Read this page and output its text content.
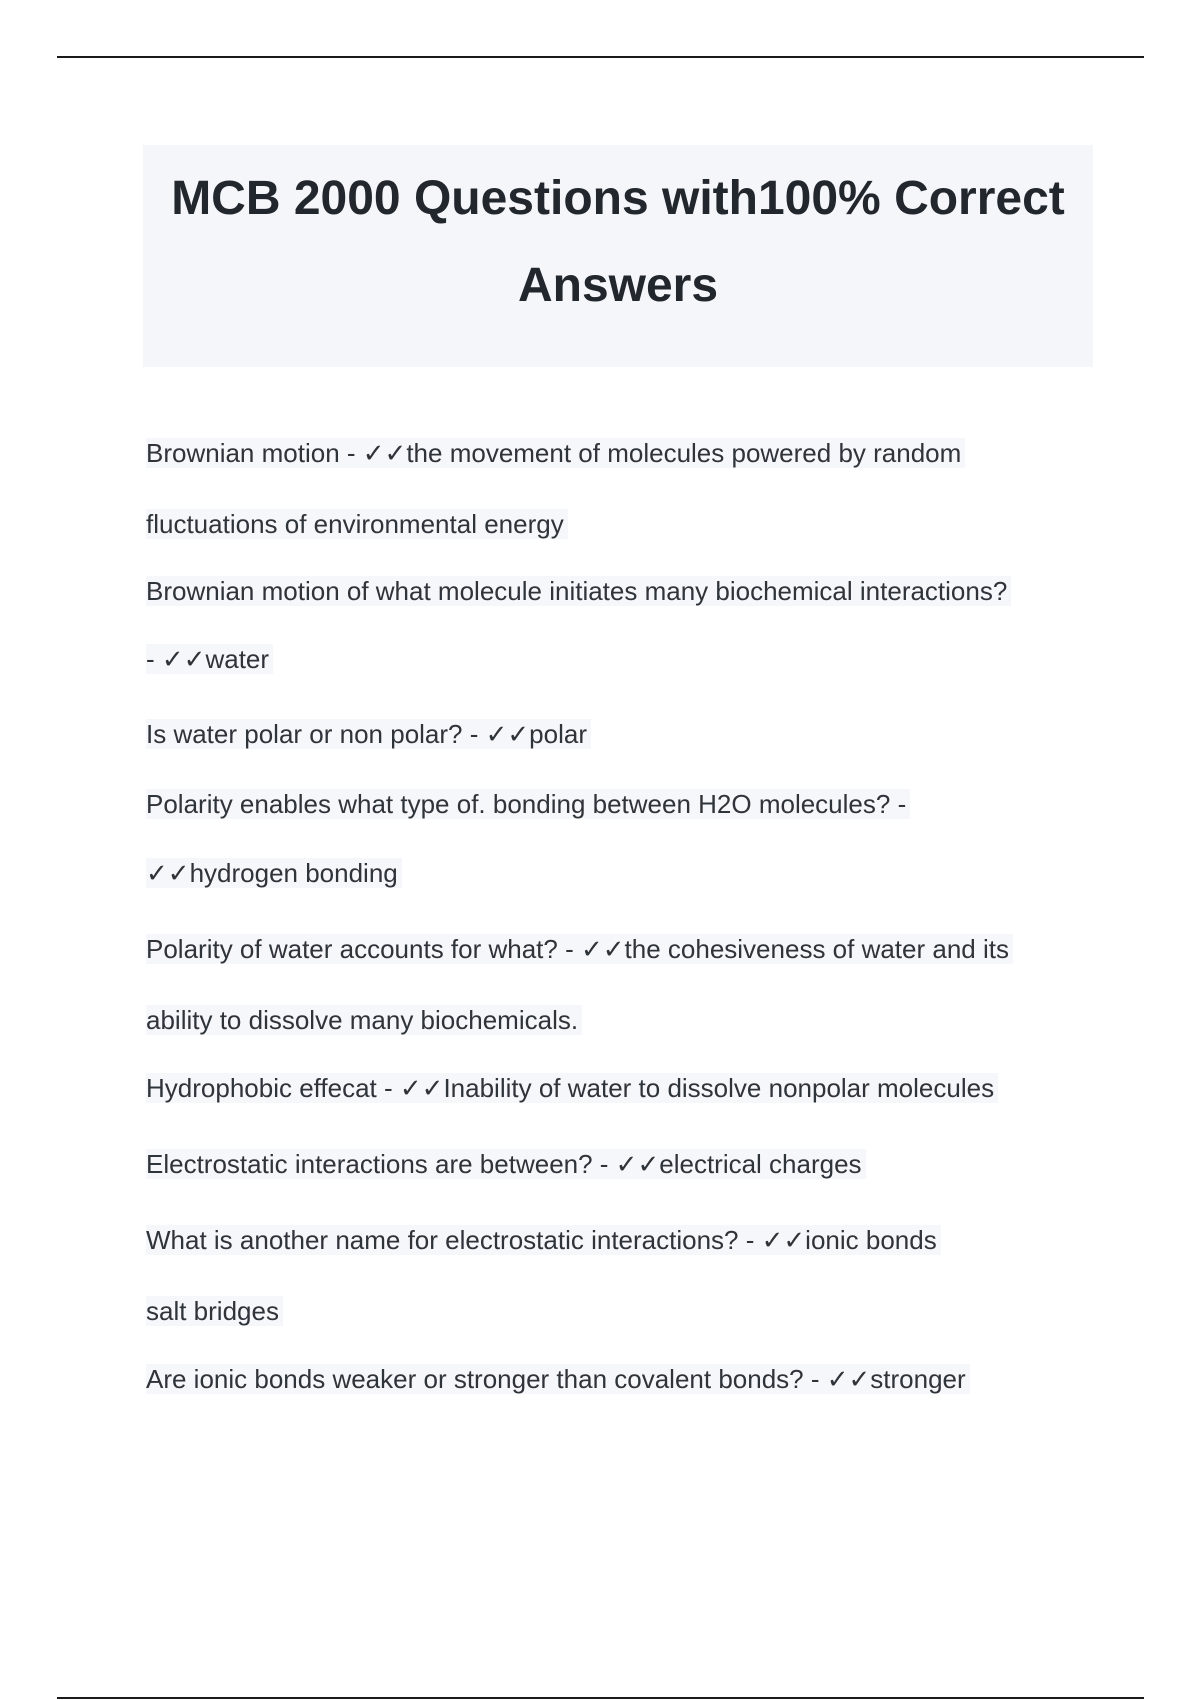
MCB 2000 Questions with100% Correct
Answers
Brownian motion - ✓✓the movement of molecules powered by random
fluctuations of environmental energy
Brownian motion of what molecule initiates many biochemical interactions?
- ✓✓water
Is water polar or non polar? - ✓✓polar
Polarity enables what type of. bonding between H2O molecules? -
✓✓hydrogen bonding
Polarity of water accounts for what? - ✓✓the cohesiveness of water and its
ability to dissolve many biochemicals.
Hydrophobic effecat - ✓✓Inability of water to dissolve nonpolar molecules
Electrostatic interactions are between? - ✓✓electrical charges
What is another name for electrostatic interactions? - ✓✓ionic bonds
salt bridges
Are ionic bonds weaker or stronger than covalent bonds? - ✓✓stronger
